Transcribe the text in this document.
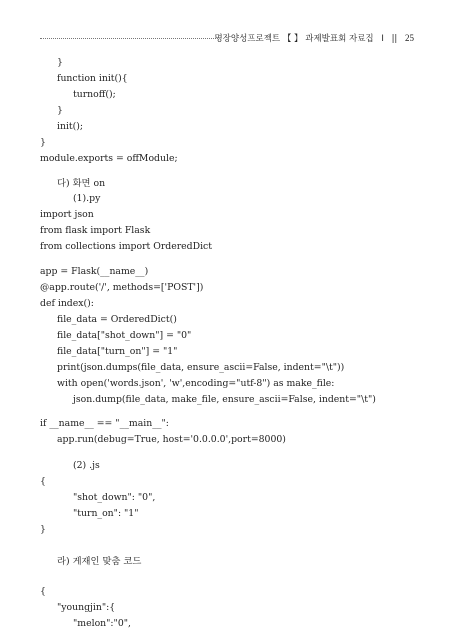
명장양성프로젝트 【 】 과제발표회 자료집 I || 25
}
function init(){
turnoff();
}
init();
}
module.exports = offModule;
다) 화면 on
(1).py
import json
from flask import Flask
from collections import OrderedDict
app = Flask(__name__)
@app.route('/', methods=['POST'])
def index():
file_data = OrderedDict()
file_data["shot_down"] = "0"
file_data["turn_on"] = "1"
print(json.dumps(file_data, ensure_ascii=False, indent="\t"))
with open('words.json', 'w',encoding="utf-8") as make_file:
json.dump(file_data, make_file, ensure_ascii=False, indent="\t")
if __name__ == "__main__":
app.run(debug=True, host='0.0.0.0',port=8000)
(2) .js
{
"shot_down": "0",
"turn_on": "1"
}
라) 게재인 맞춤 코드
{
"youngjin":{
"melon":"0",
